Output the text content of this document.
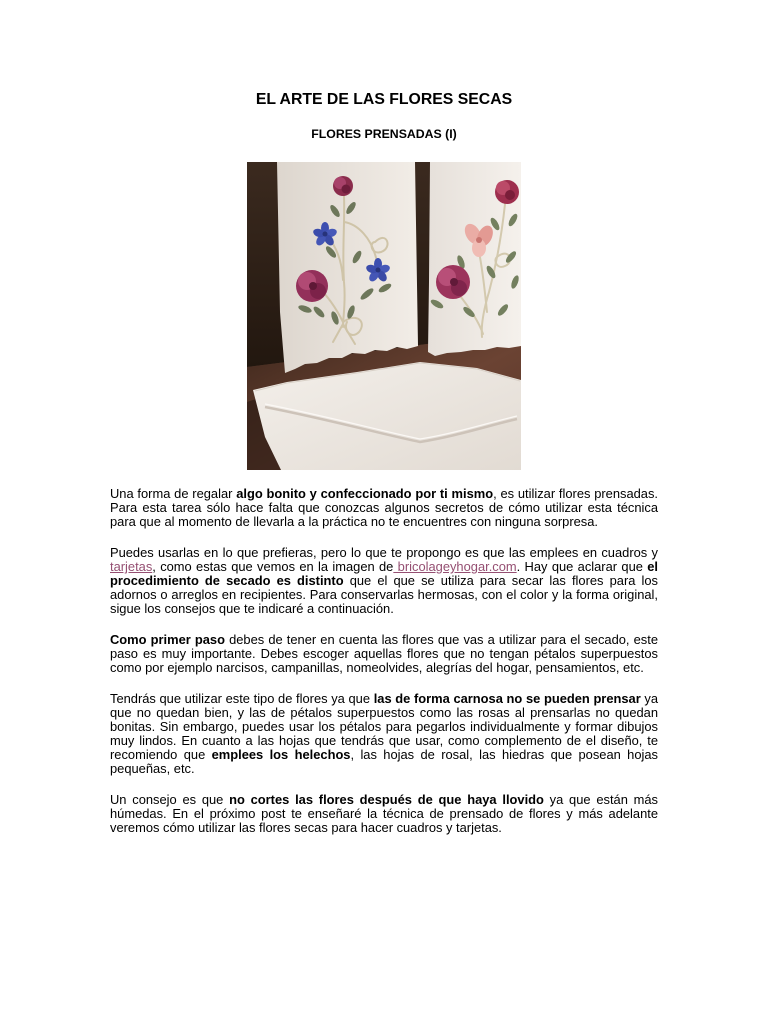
EL ARTE DE LAS FLORES SECAS
FLORES PRENSADAS (I)

Una forma de regalar algo bonito y confeccionado por ti mismo, es utilizar flores prensadas. Para esta tarea sólo hace falta que conozcas algunos secretos de cómo utilizar esta técnica para que al momento de llevarla a la práctica no te encuentres con ninguna sorpresa.

Puedes usarlas en lo que prefieras, pero lo que te propongo es que las emplees en cuadros y tarjetas, como estas que vemos en la imagen de bricolageyhogar.com. Hay que aclarar que el procedimiento de secado es distinto que el que se utiliza para secar las flores para los adornos o arreglos en recipientes. Para conservarlas hermosas, con el color y la forma original, sigue los consejos que te indicaré a continuación.

Como primer paso debes de tener en cuenta las flores que vas a utilizar para el secado, este paso es muy importante. Debes escoger aquellas flores que no tengan pétalos superpuestos como por ejemplo narcisos, campanillas, nomeolvides, alegrías del hogar, pensamientos, etc.

Tendrás que utilizar este tipo de flores ya que las de forma carnosa no se pueden prensar ya que no quedan bien, y las de pétalos superpuestos como las rosas al prensarlas no quedan bonitas. Sin embargo, puedes usar los pétalos para pegarlos individualmente y formar dibujos muy lindos. En cuanto a las hojas que tendrás que usar, como complemento de el diseño, te recomiendo que emplees los helechos, las hojas de rosal, las hiedras que posean hojas pequeñas, etc.

Un consejo es que no cortes las flores después de que haya llovido ya que están más húmedas. En el próximo post te enseñaré la técnica de prensado de flores y más adelante veremos cómo utilizar las flores secas para hacer cuadros y tarjetas.
